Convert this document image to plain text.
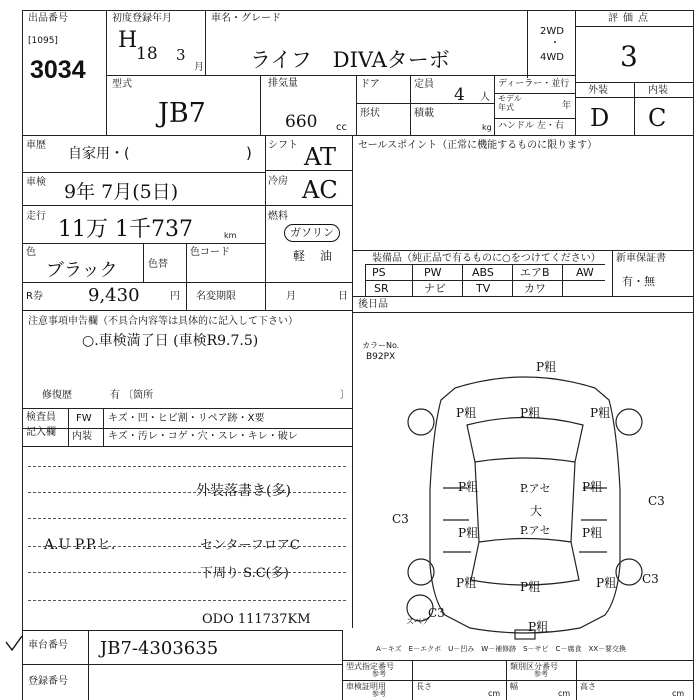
出品番号
[1095]
3034
初度登録年月
H
18 3
月
車名・グレード
ライフ　DIVAターボ
2WD
・
4WD
評価点
3
型式
JB7
排気量
660 cc
ドア	定員
4 人
形状	積載
kg
ディーラー・並行
モデル
年式	年
ハンドル 左・右
外装	内装
D C
車歴
自家用・(	)
車検 9年 7月(5日)
走行
11万 1千737	km
色
ブラック	色替
色コード
R券	9,430	円 名変期限	月	日
注意事項申告欄（不具合内容等は具体的に記入して下さい）
○.車検満了日 (車検R9.7.5)
修復歴	有 〔箇所	〕
シフト AT
冷房 AC
燃料
ガソリン
軽 油
セールスポイント（正常に機能するものに限ります）
装備品（純正品で有るものに○をつけてください） 新車保証書
有・無
PS	PW	ABS エアB AW
SR	ナビ	TV	カワ
後日品
検査員
記入欄
FW キズ・凹・ヒビ割・リペア跡・X要
内装 キズ・汚レ・コゲ・穴・スレ・キレ・破レ
外装落書き(多)
A.U P.P.ヒ.	センターフロアC
下周り S.C(多)
ODO 111737KM
カラーNo.
B92PX
P粗
P粗
P粗	P粗
P粗	P粗
P.アセ
大
P.アセ
P粗	P粗
P粗	P粗
P粗
P粗
C3
C3
C3
C3
スペア
A－キズ　E－エクボ　U－凹み　W－補修跡　S－サビ　C－腐食　XX－要交換
車台番号 JB7-4303635
登録番号
型式指定番号
参考
類別区分番号
参考
車検証明用
参考
長さ
cm
幅
cm
高さ
cm
